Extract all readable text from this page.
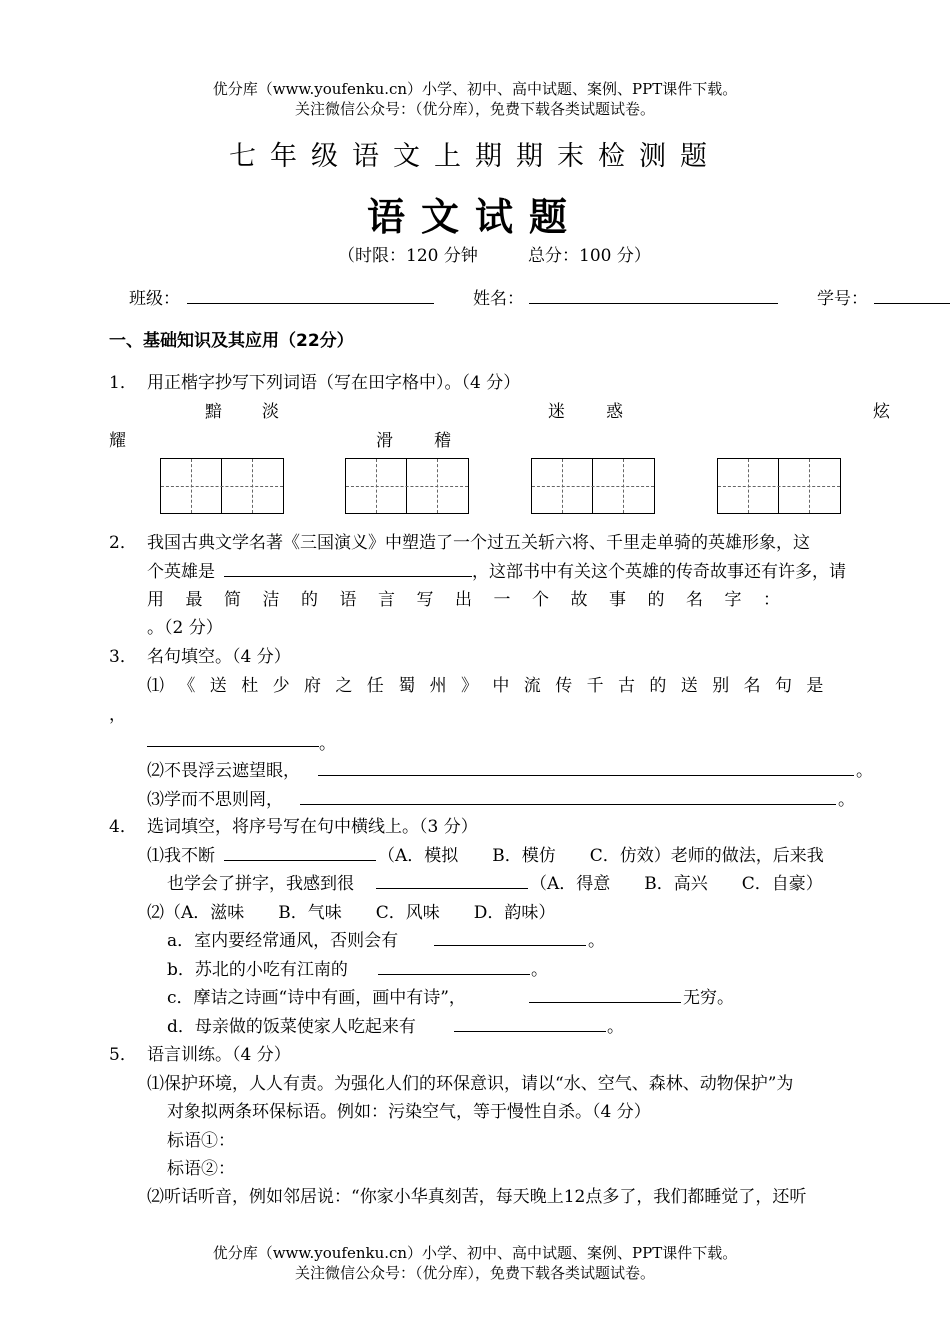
优分库（www.youfenku.cn）小学、初中、高中试题、案例、PPT课件下载。
关注微信公众号：（优分库），免费下载各类试题试卷。
七年级语文上期期末检测题
语文试题
（时限：120 分钟	总分：100 分）
班级：	姓名：	学号：
一、基础知识及其应用（22分）
1． 用正楷字抄写下列词语（写在田字格中）。（4 分）
黯 淡	迷 惑	炫
耀	滑 稽
2． 我国古典文学名著《三国演义》中塑造了一个过五关斩六将、千里走单骑的英雄形象，这
个英雄是	，这部书中有关这个英雄的传奇故事还有许多，请
用最简洁的语言写出一个故事的名字：
。（2 分）
3． 名句填空。（4 分）
⑴《送杜少府之任蜀州》中流传千古的送别名句是
，
。
⑵不畏浮云遮望眼，	。
⑶学而不思则罔，	。
4． 选词填空，将序号写在句中横线上。（3 分）
⑴我不断	（A．模拟　　B．模仿　　C．仿效）老师的做法，后来我
也学会了拼字，我感到很	（A．得意　　B．高兴　　C．自豪）
⑵（A．滋味　　B．气味　　C．风味　　D．韵味）
a．室内要经常通风，否则会有	。
b．苏北的小吃有江南的	。
c．摩诘之诗画“诗中有画，画中有诗”，	无穷。
d．母亲做的饭菜使家人吃起来有	。
5． 语言训练。（4 分）
⑴保护环境，人人有责。为强化人们的环保意识，请以“水、空气、森林、动物保护”为
对象拟两条环保标语。例如：污染空气，等于慢性自杀。（4 分）
标语①：
标语②：
⑵听话听音，例如邻居说：“你家小华真刻苦，每天晚上12点多了，我们都睡觉了，还听
优分库（www.youfenku.cn）小学、初中、高中试题、案例、PPT课件下载。
关注微信公众号：（优分库），免费下载各类试题试卷。
